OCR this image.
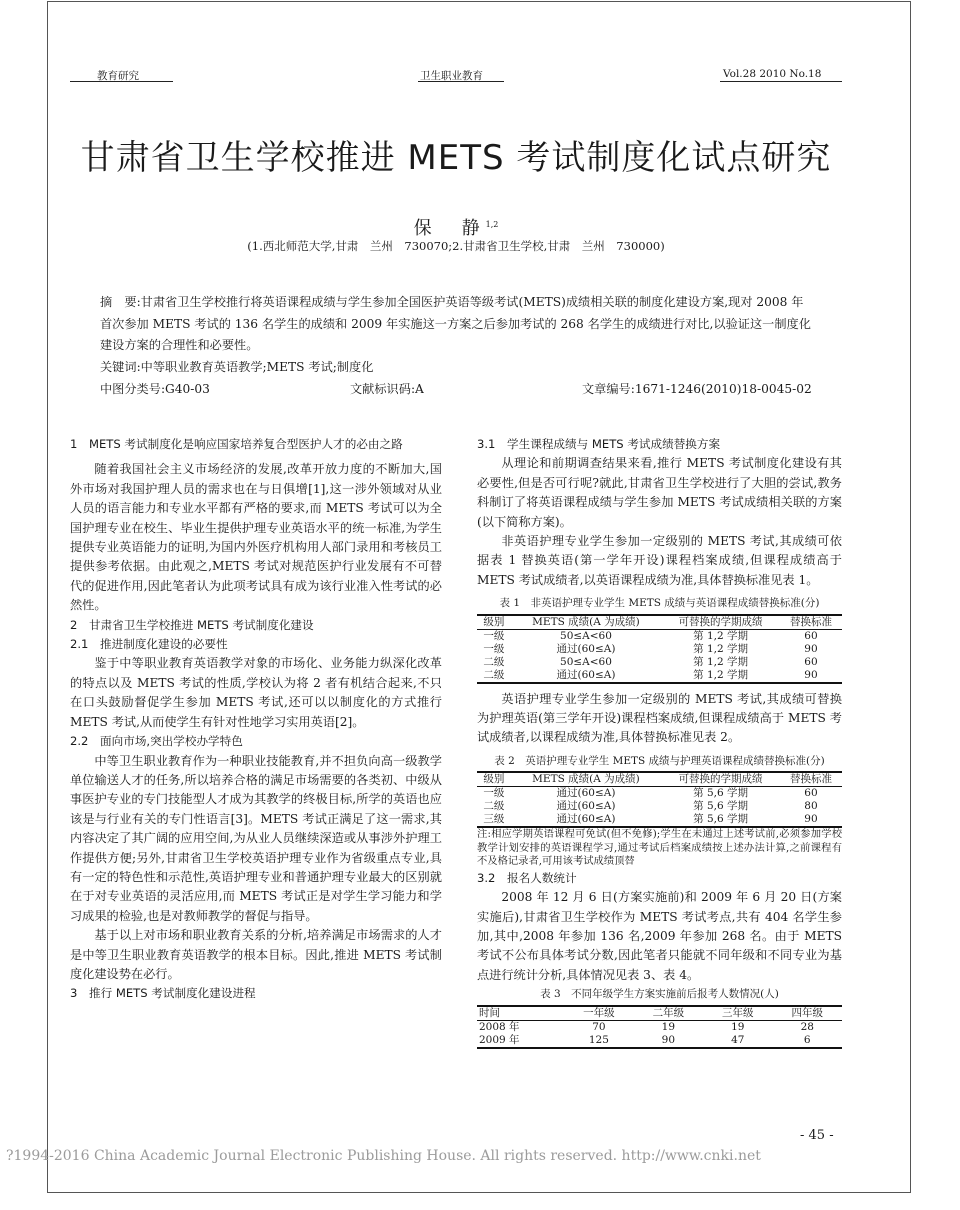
教育研究	卫生职业教育	Vol.28 2010 No.18
甘肃省卫生学校推进 METS 考试制度化试点研究
保　静$^{1,2}$
(1.西北师范大学,甘肃　兰州　730070;2.甘肃省卫生学校,甘肃　兰州　730000)

摘　要:甘肃省卫生学校推行将英语课程成绩与学生参加全国医护英语等级考试(METS)成绩相关联的制度化建设方案,现对 2008 年首次参加 METS 考试的 136 名学生的成绩和 2009 年实施这一方案之后参加考试的 268 名学生的成绩进行对比,以验证这一制度化建设方案的合理性和必要性。

关键词:中等职业教育英语教学;METS 考试;制度化

中图分类号:G40-03	文献标识码:A	文章编号:1671-1246(2010)18-0045-02

1　METS 考试制度化是响应国家培养复合型医护人才的必由之路

随着我国社会主义市场经济的发展,改革开放力度的不断加大,国外市场对我国护理人员的需求也在与日俱增[1],这一涉外领域对从业人员的语言能力和专业水平都有严格的要求,而 METS 考试可以为全国护理专业在校生、毕业生提供护理专业英语水平的统一标准,为学生提供专业英语能力的证明,为国内外医疗机构用人部门录用和考核员工提供参考依据。由此观之,METS 考试对规范医护行业发展有不可替代的促进作用,因此笔者认为此项考试具有成为该行业准入性考试的必然性。

2　甘肃省卫生学校推进 METS 考试制度化建设

2.1　推进制度化建设的必要性

鉴于中等职业教育英语教学对象的市场化、业务能力纵深化改革的特点以及 METS 考试的性质,学校认为将 2 者有机结合起来,不只在口头鼓励督促学生参加 METS 考试,还可以以制度化的方式推行 METS 考试,从而使学生有针对性地学习实用英语[2]。

2.2　面向市场,突出学校办学特色

中等卫生职业教育作为一种职业技能教育,并不担负向高一级教学单位输送人才的任务,所以培养合格的满足市场需要的各类初、中级从事医护专业的专门技能型人才成为其教学的终极目标,所学的英语也应该是与行业有关的专门性语言[3]。METS 考试正满足了这一需求,其内容决定了其广阔的应用空间,为从业人员继续深造或从事涉外护理工作提供方便;另外,甘肃省卫生学校英语护理专业作为省级重点专业,具有一定的特色性和示范性,英语护理专业和普通护理专业最大的区别就在于对专业英语的灵活应用,而 METS 考试正是对学生学习能力和学习成果的检验,也是对教师教学的督促与指导。

基于以上对市场和职业教育关系的分析,培养满足市场需求的人才是中等卫生职业教育英语教学的根本目标。因此,推进 METS 考试制度化建设势在必行。

3　推行 METS 考试制度化建设进程

3.1　学生课程成绩与 METS 考试成绩替换方案

从理论和前期调查结果来看,推行 METS 考试制度化建设有其必要性,但是否可行呢?就此,甘肃省卫生学校进行了大胆的尝试,教务科制订了将英语课程成绩与学生参加 METS 考试成绩相关联的方案(以下简称方案)。

非英语护理专业学生参加一定级别的 METS 考试,其成绩可依据表 1 替换英语(第一学年开设)课程档案成绩,但课程成绩高于 METS 考试成绩者,以英语课程成绩为准,具体替换标准见表 1。

表 1　非英语护理专业学生 METS 成绩与英语课程成绩替换标准(分)
级别	METS 成绩(A 为成绩)	可替换的学期成绩	替换标准
一级	50≤A<60	第 1,2 学期	60
一级	通过(60≤A)	第 1,2 学期	90
二级	50≤A<60	第 1,2 学期	60
二级	通过(60≤A)	第 1,2 学期	90

英语护理专业学生参加一定级别的 METS 考试,其成绩可替换为护理英语(第三学年开设)课程档案成绩,但课程成绩高于 METS 考试成绩者,以课程成绩为准,具体替换标准见表 2。

表 2　英语护理专业学生 METS 成绩与护理英语课程成绩替换标准(分)
级别	METS 成绩(A 为成绩)	可替换的学期成绩	替换标准
一级	通过(60≤A)	第 5,6 学期	60
二级	通过(60≤A)	第 5,6 学期	80
三级	通过(60≤A)	第 5,6 学期	90
注:相应学期英语课程可免试(但不免修);学生在未通过上述考试前,必须参加学校教学计划安排的英语课程学习,通过考试后档案成绩按上述办法计算,之前课程有不及格记录者,可用该考试成绩顶替

3.2　报名人数统计

2008 年 12 月 6 日(方案实施前)和 2009 年 6 月 20 日(方案实施后),甘肃省卫生学校作为 METS 考试考点,共有 404 名学生参加,其中,2008 年参加 136 名,2009 年参加 268 名。由于 METS 考试不公布具体考试分数,因此笔者只能就不同年级和不同专业为基点进行统计分析,具体情况见表 3、表 4。

表 3　不同年级学生方案实施前后报考人数情况(人)
时间	一年级	二年级	三年级	四年级
2008 年	70	19	19	28
2009 年	125	90	47	6
- 45 -
?1994-2016 China Academic Journal Electronic Publishing House. All rights reserved. http://www.cnki.net
